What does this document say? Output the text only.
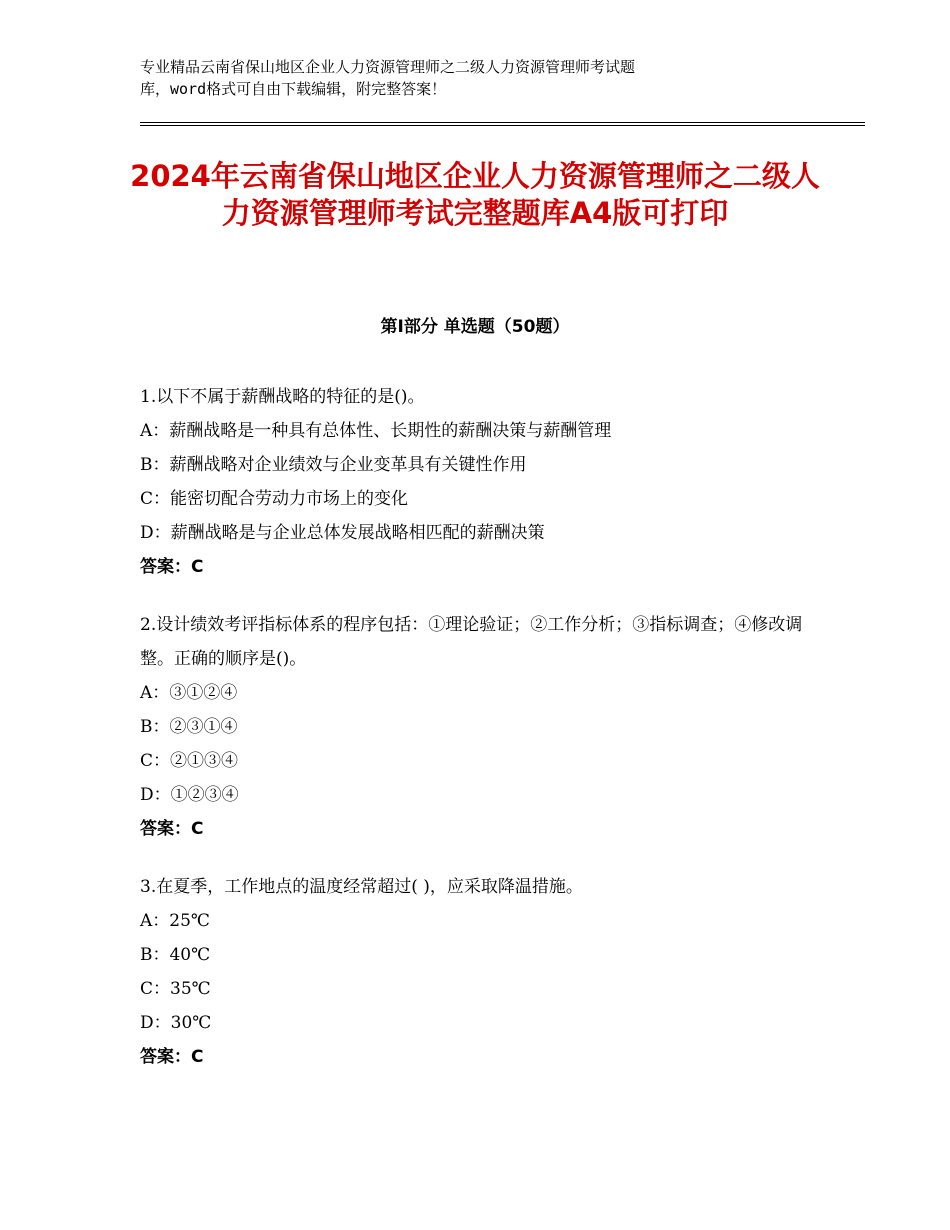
专业精品云南省保山地区企业人力资源管理师之二级人力资源管理师考试题
库，word格式可自由下载编辑，附完整答案！
2024年云南省保山地区企业人力资源管理师之二级人力资源管理师考试完整题库A4版可打印
第Ⅰ部分 单选题（50题）
1.以下不属于薪酬战略的特征的是()。
A：薪酬战略是一种具有总体性、长期性的薪酬决策与薪酬管理
B：薪酬战略对企业绩效与企业变革具有关键性作用
C：能密切配合劳动力市场上的变化
D：薪酬战略是与企业总体发展战略相匹配的薪酬决策
答案：C
2.设计绩效考评指标体系的程序包括：①理论验证；②工作分析；③指标调查；④修改调整。正确的顺序是()。
A：③①②④
B：②③①④
C：②①③④
D：①②③④
答案：C
3.在夏季，工作地点的温度经常超过( )，应采取降温措施。
A：25℃
B：40℃
C：35℃
D：30℃
答案：C
